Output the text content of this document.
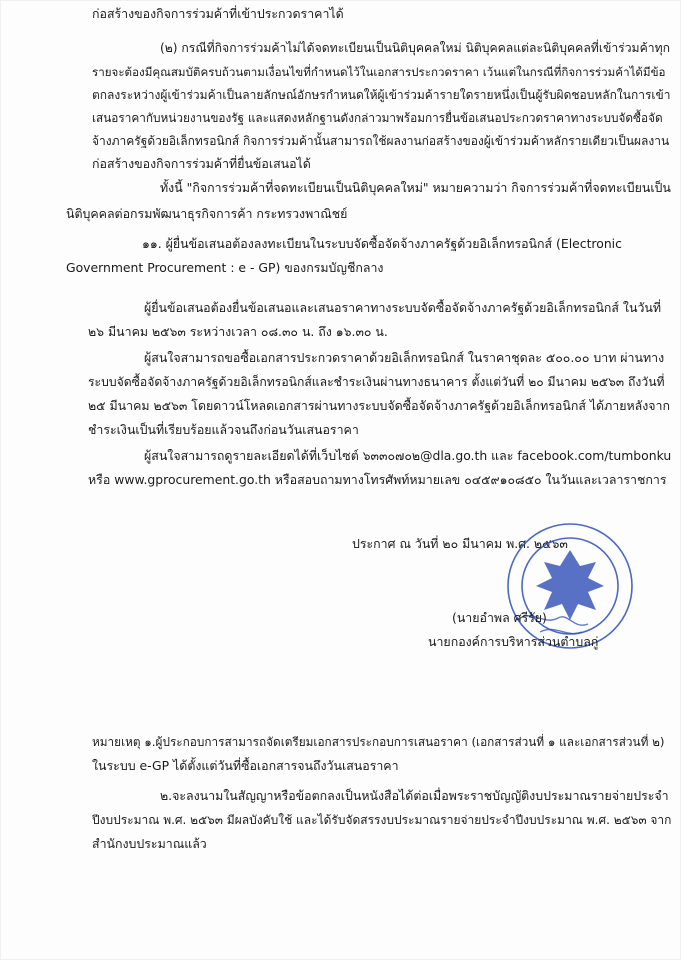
ก่อสร้างของกิจการร่วมค้าที่เข้าประกวดราคาได้
(๒) กรณีที่กิจการร่วมค้าไม่ได้จดทะเบียนเป็นนิติบุคคลใหม่ นิติบุคคลแต่ละนิติบุคคลที่เข้าร่วมค้าทุก
รายจะต้องมีคุณสมบัติครบถ้วนตามเงื่อนไขที่กำหนดไว้ในเอกสารประกวดราคา เว้นแต่ในกรณีที่กิจการร่วมค้าได้มีข้อ
ตกลงระหว่างผู้เข้าร่วมค้าเป็นลายลักษณ์อักษรกำหนดให้ผู้เข้าร่วมค้ารายใดรายหนึ่งเป็นผู้รับผิดชอบหลักในการเข้า
เสนอราคากับหน่วยงานของรัฐ และแสดงหลักฐานดังกล่าวมาพร้อมการยื่นข้อเสนอประกวดราคาทางระบบจัดซื้อจัด
จ้างภาครัฐด้วยอิเล็กทรอนิกส์ กิจการร่วมค้านั้นสามารถใช้ผลงานก่อสร้างของผู้เข้าร่วมค้าหลักรายเดียวเป็นผลงาน
ก่อสร้างของกิจการร่วมค้าที่ยื่นข้อเสนอได้
ทั้งนี้ "กิจการร่วมค้าที่จดทะเบียนเป็นนิติบุคคลใหม่" หมายความว่า กิจการร่วมค้าที่จดทะเบียนเป็น
นิติบุคคลต่อกรมพัฒนาธุรกิจการค้า กระทรวงพาณิชย์
๑๑. ผู้ยื่นข้อเสนอต้องลงทะเบียนในระบบจัดซื้อจัดจ้างภาครัฐด้วยอิเล็กทรอนิกส์ (Electronic
Government Procurement : e - GP) ของกรมบัญชีกลาง
ผู้ยื่นข้อเสนอต้องยื่นข้อเสนอและเสนอราคาทางระบบจัดซื้อจัดจ้างภาครัฐด้วยอิเล็กทรอนิกส์ ในวันที่
๒๖ มีนาคม ๒๕๖๓ ระหว่างเวลา ๐๘.๓๐ น. ถึง ๑๖.๓๐ น.
ผู้สนใจสามารถขอซื้อเอกสารประกวดราคาด้วยอิเล็กทรอนิกส์ ในราคาชุดละ ๕๐๐.๐๐ บาท ผ่านทาง
ระบบจัดซื้อจัดจ้างภาครัฐด้วยอิเล็กทรอนิกส์และชำระเงินผ่านทางธนาคาร ตั้งแต่วันที่ ๒๐ มีนาคม ๒๕๖๓ ถึงวันที่
๒๕ มีนาคม ๒๕๖๓ โดยดาวน์โหลดเอกสารผ่านทางระบบจัดซื้อจัดจ้างภาครัฐด้วยอิเล็กทรอนิกส์ ได้ภายหลังจาก
ชำระเงินเป็นที่เรียบร้อยแล้วจนถึงก่อนวันเสนอราคา
ผู้สนใจสามารถดูรายละเอียดได้ที่เว็บไซต์ ๖๓๓๐๗๐๒@dla.go.th และ facebook.com/tumbonku
หรือ www.gprocurement.go.th หรือสอบถามทางโทรศัพท์หมายเลข ๐๔๕๙๑๐๘๕๐ ในวันและเวลาราชการ
ประกาศ ณ วันที่ ๒๐ มีนาคม พ.ศ. ๒๕๖๓
(นายอำพล ศรีรัย)
นายกองค์การบริหารส่วนตำบลกู่
หมายเหตุ ๑.ผู้ประกอบการสามารถจัดเตรียมเอกสารประกอบการเสนอราคา (เอกสารส่วนที่ ๑ และเอกสารส่วนที่ ๒)
ในระบบ e-GP ได้ตั้งแต่วันที่ซื้อเอกสารจนถึงวันเสนอราคา
๒.จะลงนามในสัญญาหรือข้อตกลงเป็นหนังสือได้ต่อเมื่อพระราชบัญญัติงบประมาณรายจ่ายประจำ
ปีงบประมาณ พ.ศ. ๒๕๖๓ มีผลบังคับใช้ และได้รับจัดสรรงบประมาณรายจ่ายประจำปีงบประมาณ พ.ศ. ๒๕๖๓ จาก
สำนักงบประมาณแล้ว
